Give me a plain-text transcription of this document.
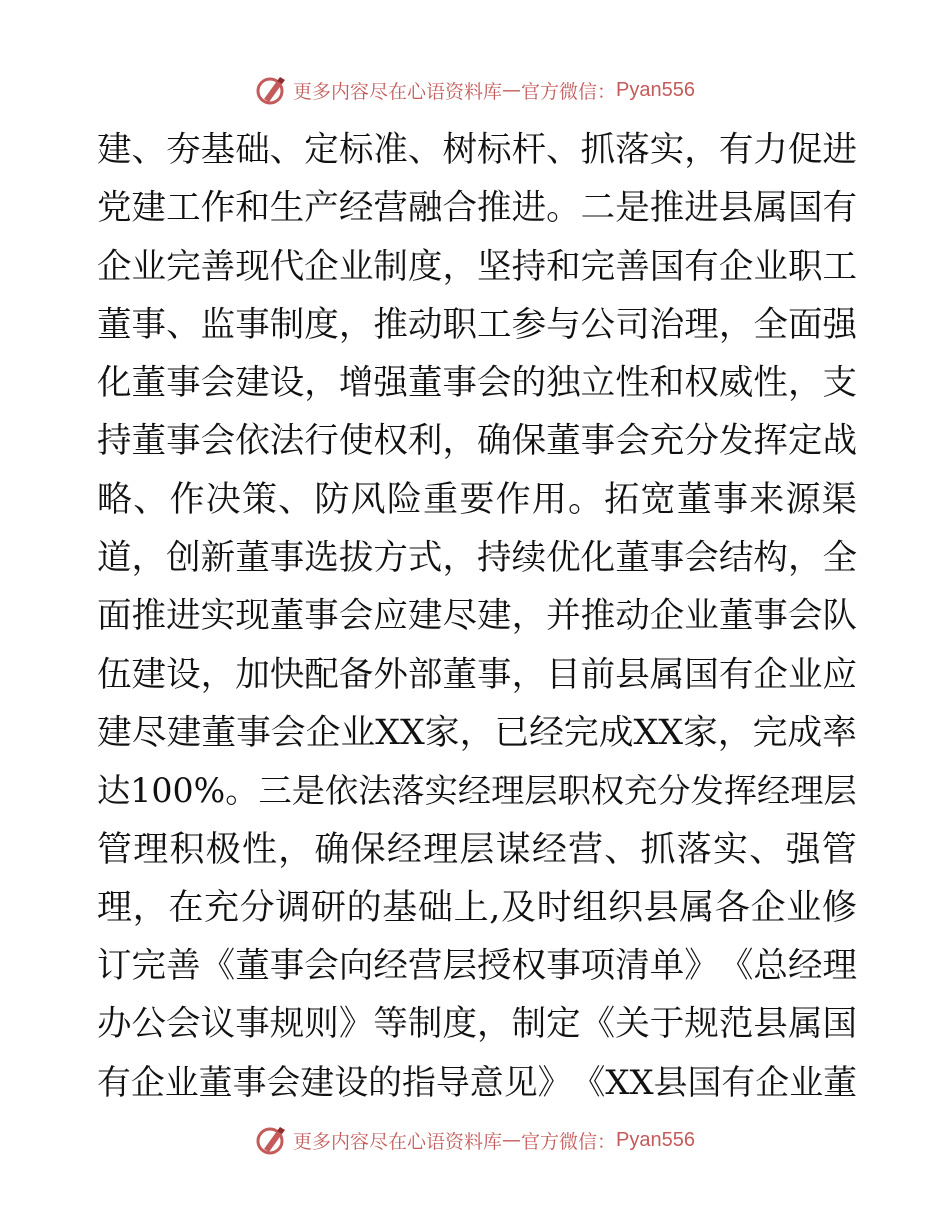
更多内容尽在心语资料库 — 官方微信： Pyan556
建 、 夯 基 础 、 定 标 准 、 树 标 杆 、 抓 落 实 ， 有 力 促 进
党 建 工 作 和 生 产 经 营 融 合 推 进 。 二 是 推 进 县 属 国 有
企 业 完 善 现 代 企 业 制 度 ， 坚 持 和 完 善 国 有 企 业 职 工
董 事 、 监 事 制 度 ， 推 动 职 工 参 与 公 司 治 理 ， 全 面 强
化 董 事 会 建 设 ， 增 强 董 事 会 的 独 立 性 和 权 威 性 ， 支
持 董 事 会 依 法 行 使 权 利 ， 确 保 董 事 会 充 分 发 挥 定 战
略 、 作 决 策 、 防 风 险 重 要 作 用 。 拓 宽 董 事 来 源 渠
道 ， 创 新 董 事 选 拔 方 式 ， 持 续 优 化 董 事 会 结 构 ， 全
面 推 进 实 现 董 事 会 应 建 尽 建 ， 并 推 动 企 业 董 事 会 队
伍 建 设 ， 加 快 配 备 外 部 董 事 ， 目 前 县 属 国 有 企 业 应
建 尽 建 董 事 会 企 业 X X 家 ， 已 经 完 成 X X 家 ， 完 成 率
达 1 0 0 % 。 三 是 依 法 落 实 经 理 层 职 权 充 分 发 挥 经 理 层
管 理 积 极 性 ， 确 保 经 理 层 谋 经 营 、 抓 落 实 、 强 管
理 ， 在 充 分 调 研 的 基 础 上 , 及 时 组 织 县 属 各 企 业 修
订 完 善 《 董 事 会 向 经 营 层 授 权 事 项 清 单 》 《 总 经 理
办 公 会 议 事 规 则 》 等 制 度 ， 制 定 《 关 于 规 范 县 属 国
有 企 业 董 事 会 建 设 的 指 导 意 见 》 《 X X 县 国 有 企 业 董
更多内容尽在心语资料库 — 官方微信： Pyan556
